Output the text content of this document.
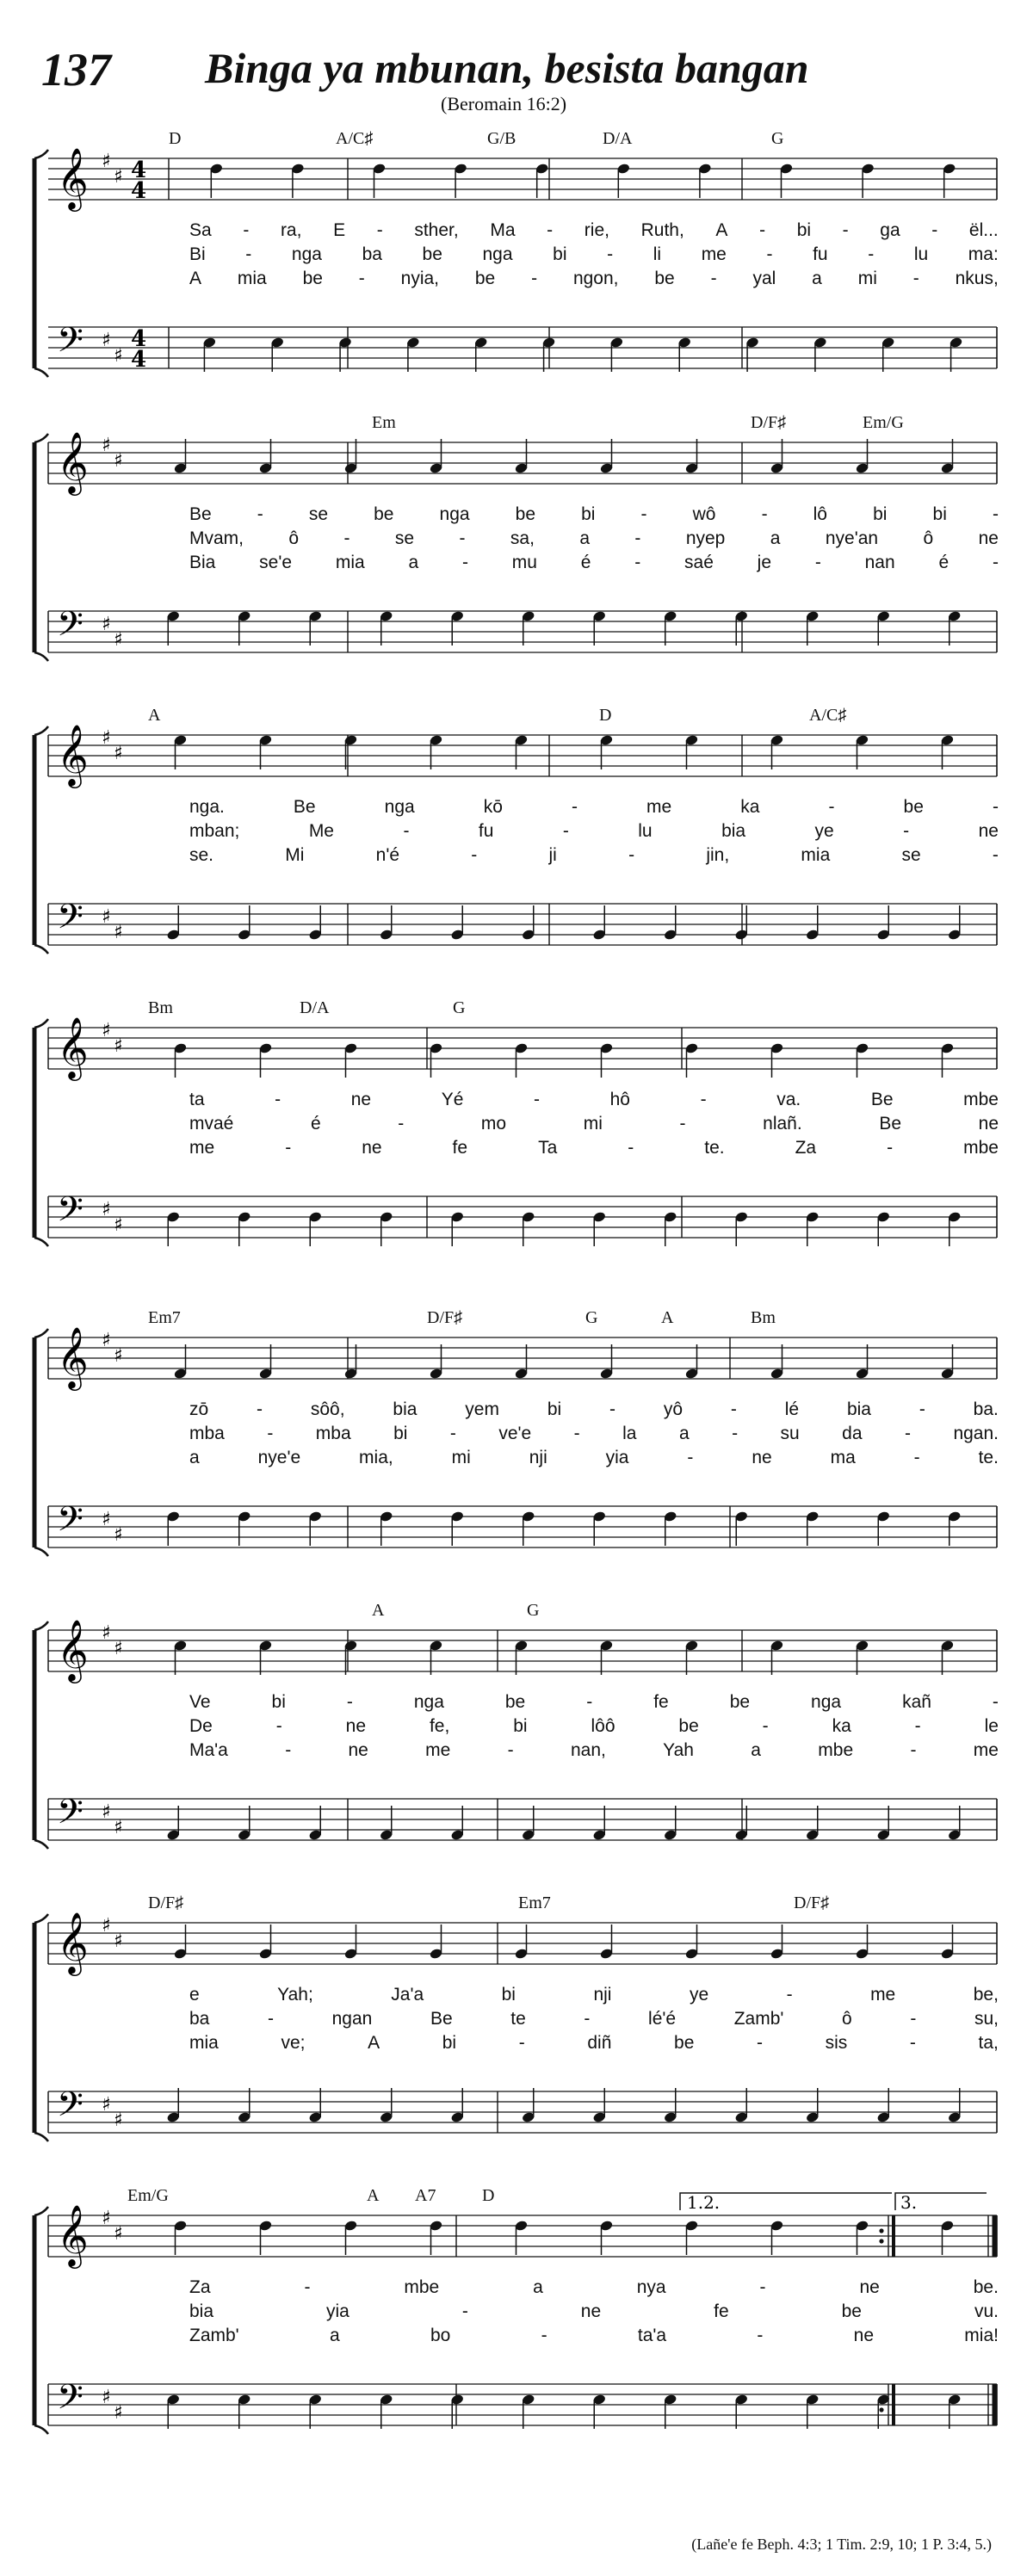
137 Binga ya mbunan, besista bangan
(Beromain 16:2)
D	A/C♯	G/B	D/A	G
𝄞 ♯
♯
𝄢 ♯
♯
4
4
4
4
Sa - ra, E - sther, Ma - rie, Ruth, A - bi - ga - ël...
Bi - nga ba be nga bi - li me - fu - lu ma:
A mia be - nyia, be - ngon, be - yal a mi - nkus,
Em	D/F♯	Em/G
𝄞 ♯
♯
𝄢 ♯
♯
Be	-	se	be	nga	be	bi	-	wô	-	lô	bi	bi	-
Mvam, ô - se - sa, a - nyep a nye'an ô ne
Bia se'e mia a - mu é - saé je - nan é -
A	D	A/C♯
𝄞 ♯
♯
𝄢 ♯
♯
nga.	Be	nga	kō	-	me	ka	-	be	-
mban;	Me	-	fu	-	lu	bia	ye	-	ne
se.	Mi	n'é	-	ji	-	jin,	mia	se	-
Bm	D/A	G
𝄞 ♯
♯
𝄢 ♯
♯
ta	-	ne	Yé	-	hô	-	va.	Be	mbe
mvaé	é	-	mo	mi	-	nlañ.	Be	ne
me	-	ne	fe	Ta	-	te.	Za	-	mbe
Em7	D/F♯	G	A	Bm
𝄞 ♯
♯
𝄢 ♯
♯
zō	-	sôô,	bia	yem	bi	-	yô	-	lé	bia	-	ba.
mba - mba bi - ve'e - la a - su da - ngan.
a	nye'e	mia,	mi	nji	yia	-	ne	ma	-	te.
A	G
𝄞 ♯
♯
𝄢 ♯
♯
Ve	bi	-	nga	be	-	fe	be	nga	kañ	-
De	-	ne	fe,	bi	lôô	be	-	ka	-	le
Ma'a	-	ne	me	-	nan,	Yah	a	mbe	-	me
D/F♯	Em7	D/F♯
𝄞 ♯
♯
𝄢 ♯
♯
e	Yah;	Ja'a	bi	nji	ye	-	me	be,
ba	-	ngan	Be	te	-	lé'é	Zamb'	ô	-	su,
mia	ve;	A	bi	-	diñ	be	-	sis	-	ta,
Em/G	A A7	D
𝄞 ♯
♯
𝄢 ♯
♯
1.2.	3.
Za	-	mbe	a	nya	-	ne	be.
bia	yia	-	ne	fe	be	vu.
Zamb'	a	bo	-	ta'a	-	ne	mia!
(Lañe'e fe Beph. 4:3; 1 Tim. 2:9, 10; 1 P. 3:4, 5.)
